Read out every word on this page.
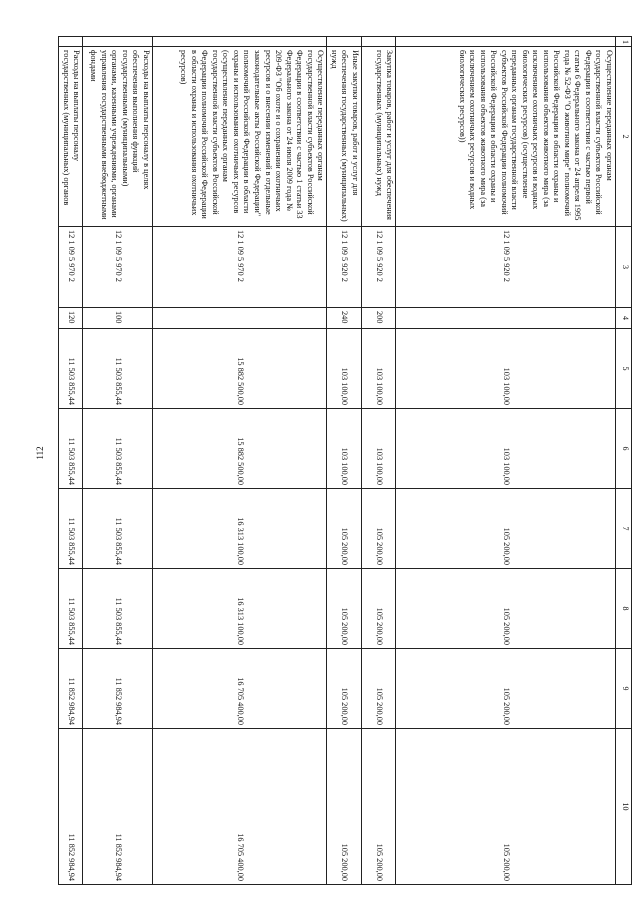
112
1	2	3	4	5	6	7	8	9	10
	Осуществление переданных органам государственной власти субъектов Российской Федерации в соответствии с частью первой статьи 6 Федерального закона от 24 апреля 1995 года № 52-ФЗ "О животном мире" полномочий Российской Федерации в области охраны и использования объектов животного мира (за исключением охотничьих ресурсов и водных биологических ресурсов) (осуществление переданных органам государственной власти субъектов Российской Федерации полномочий Российской Федерации в области охраны и использования объектов животного мира (за исключением охотничьих ресурсов и водных биологических ресурсов))	12 1 09 5 920 2		103 100,00	103 100,00	105 200,00	105 200,00	105 200,00	105 200,00
	Закупка товаров, работ и услуг для обеспечения государственных (муниципальных) нужд	12 1 09 5 920 2	200	103 100,00	103 100,00	105 200,00	105 200,00	105 200,00	105 200,00
	Иные закупки товаров, работ и услуг для обеспечения государственных (муниципальных) нужд	12 1 09 5 920 2	240	103 100,00	103 100,00	105 200,00	105 200,00	105 200,00	105 200,00
	Осуществление переданных органам государственной власти субъектов Российской Федерации в соответствии с частью 1 статьи 33 Федерального закона от 24 июля 2009 года № 209-ФЗ "Об охоте и о сохранении охотничьих ресурсов и о внесении изменений в отдельные законодательные акты Российской Федерации" полномочий Российской Федерации в области охраны и использования охотничьих ресурсов (осуществление переданных органам государственной власти субъектов Российской Федерации полномочий Российской Федерации в области охраны и использования охотничьих ресурсов)	12 1 09 5 970 2		15 882 500,00	15 882 500,00	16 313 100,00	16 313 100,00	16 705 400,00	16 705 400,00
	Расходы на выплаты персоналу в целях обеспечения выполнения функций государственными (муниципальными) органами, казенными учреждениями, органами управления государственными внебюджетными фондами	12 1 09 5 970 2	100	11 503 855,44	11 503 855,44	11 503 855,44	11 503 855,44	11 852 984,94	11 852 984,94
	Расходы на выплаты персоналу государственных (муниципальных) органов	12 1 09 5 970 2	120	11 503 855,44	11 503 855,44	11 503 855,44	11 503 855,44	11 852 984,94	11 852 984,94
